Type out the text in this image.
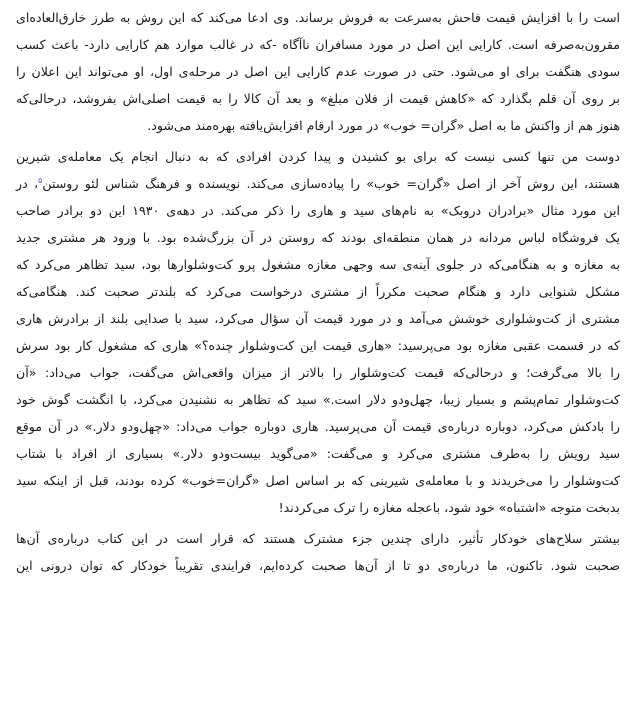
است را با افزایش قیمت فاحش به‌سرعت به فروش برساند. وی ادعا می‌کند که این روش به طرز خارق‌العاده‌ای
مقرون‌به‌صرفه است. کارایی این اصل در مورد مسافران ناآگاه -که در غالب موارد هم کارایی دارد- باعث کسب
سودی هنگفت برای او می‌شود. حتی در صورت عدم کارایی این اصل در مرحله‌ی اول، او می‌تواند این اعلان را
بر روی آن قلم بگذارد که «کاهش قیمت از فلان مبلغ» و بعد آن کالا را به قیمت اصلی‌اش بفروشد، درحالی‌که
هنوز هم از واکنش ما به اصل «گران= خوب» در مورد ارقام افزایش‌یافته بهره‌مند می‌شود.

دوست من تنها کسی نیست که برای بو کشیدن و پیدا کردن افرادی که به دنبال انجام یک معامله‌ی شیرین
هستند، این روش آخر از اصل «گران= خوب» را پیاده‌سازی می‌کند. نویسنده و فرهنگ شناس لئو روستن$^۵$، در
این مورد مثال «برادران دروبک» به نام‌های سید و هاری را ذکر می‌کند. در دهه‌ی ۱۹۳۰ این دو برادر صاحب
یک فروشگاه لباس مردانه در همان منطقه‌ای بودند که روستن در آن بزرگ‌شده بود. با ورود هر مشتری جدید
به مغازه و به هنگامی‌که در جلوی آینه‌ی سه وجهی مغازه مشغول پرو کت‌وشلوارها بود، سید تظاهر می‌کرد که
مشکل شنوایی دارد و هنگام صحبت مکرراً از مشتری درخواست می‌کرد که بلندتر صحبت کند. هنگامی‌که
مشتری از کت‌وشلواری خوشش می‌آمد و در مورد قیمت آن سؤال می‌کرد، سید با صدایی بلند از برادرش هاری
که در قسمت عقبی مغازه بود می‌پرسید: «هاری قیمت این کت‌وشلوار چنده؟» هاری که مشغول کار بود سرش
را بالا می‌گرفت؛ و درحالی‌که قیمت کت‌وشلوار را بالاتر از میزان واقعی‌اش می‌گفت، جواب می‌داد: «آن
کت‌وشلوار تمام‌پشم و بسیار زیبا، چهل‌ودو دلار است.» سید که تظاهر به نشنیدن می‌کرد، با انگشت گوش خود
را بادکش می‌کرد، دوباره درباره‌ی قیمت آن می‌پرسید. هاری دوباره جواب می‌داد: «چهل‌ودو دلار.» در آن موقع
سید رویش را به‌طرف مشتری می‌کرد و می‌گفت: «می‌گوید بیست‌ودو دلار.» بسیاری از افراد با شتاب
کت‌وشلوار را می‌خریدند و با معامله‌ی شیرینی که بر اساس اصل «گران=خوب» کرده بودند، قبل از اینکه سید
بدبخت متوجه «اشتباه» خود شود، باعجله مغازه را ترک می‌کردند!

بیشتر سلاح‌های خودکار تأثیر، دارای چندین جزء مشترک هستند که قرار است در این کتاب درباره‌ی آن‌ها
صحبت شود. تاکنون، ما درباره‌ی دو تا از آن‌ها صحبت کرده‌ایم، فرایندی تقریباً خودکار که توان درونی این
